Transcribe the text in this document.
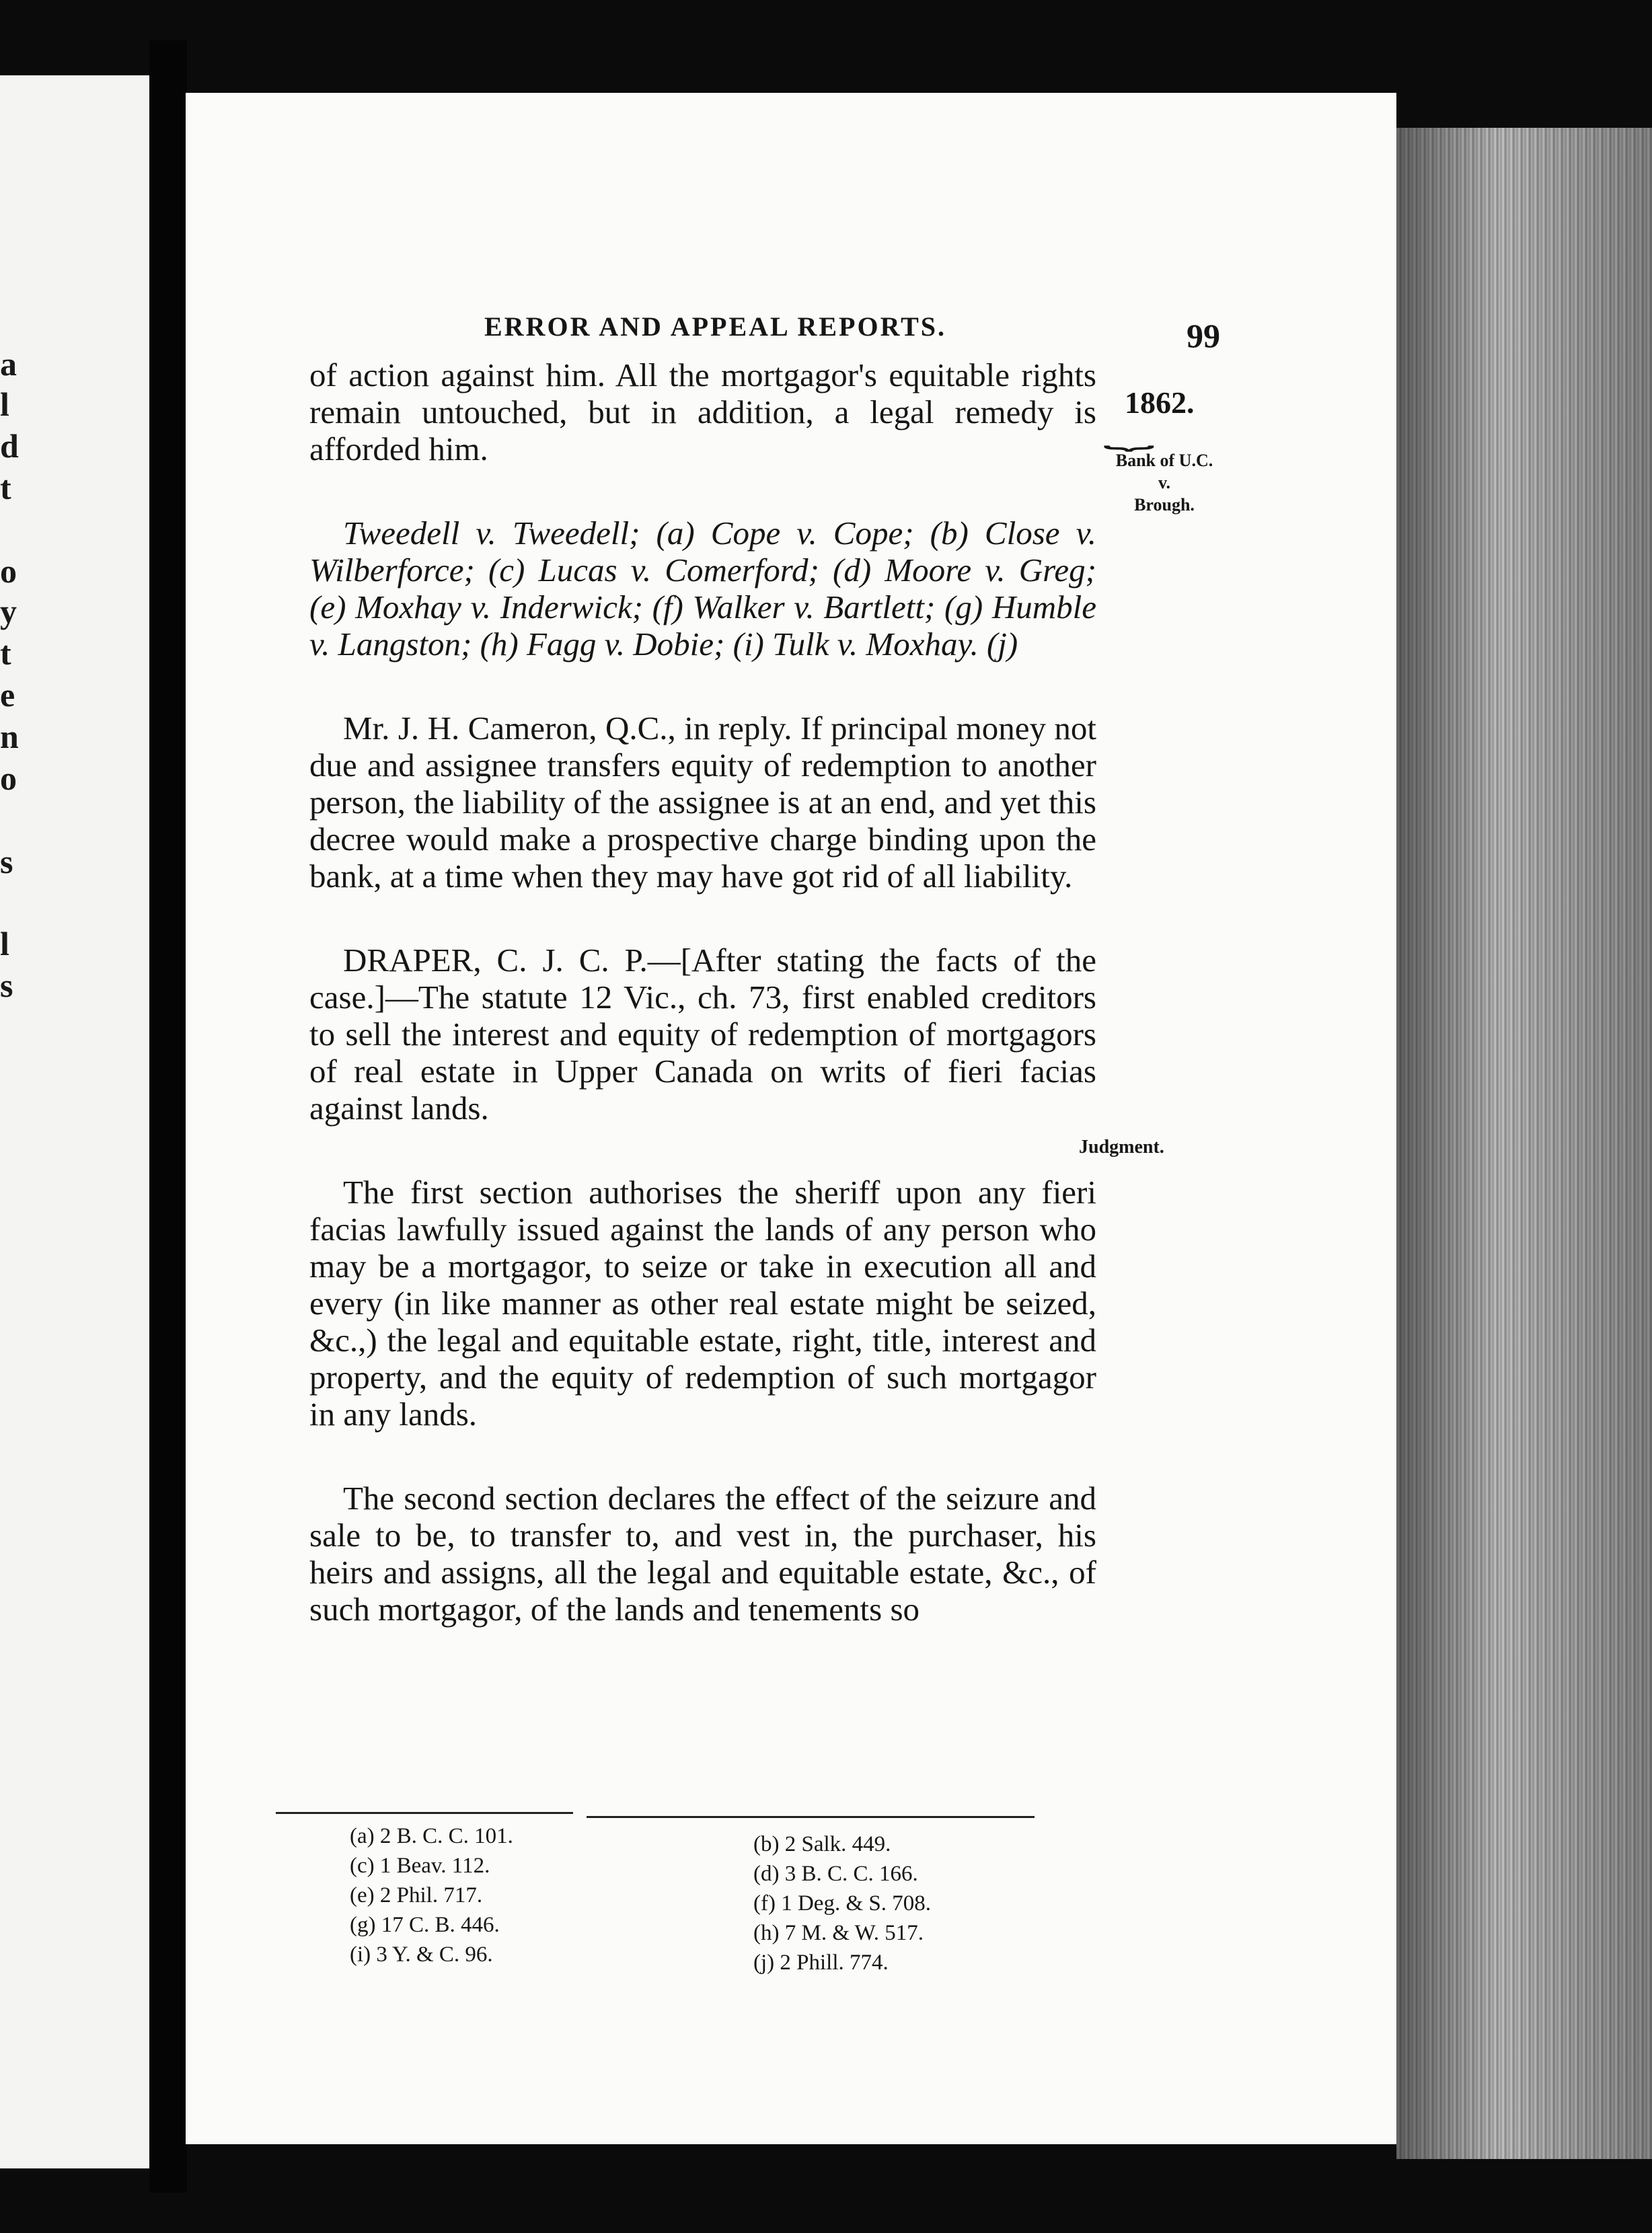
a
l
d
t
o
y
t
e
n
o
s
l
s
ERROR AND APPEAL REPORTS.	99
1862.
⏟
Bank of U.C.
v.
Brough.
Judgment.

of action against him. All the mortgagor's equitable rights remain untouched, but in addition, a legal remedy is afforded him.

Tweedell v. Tweedell; (a) Cope v. Cope; (b) Close v. Wilberforce; (c) Lucas v. Comerford; (d) Moore v. Greg; (e) Moxhay v. Inderwick; (f) Walker v. Bartlett; (g) Humble v. Langston; (h) Fagg v. Dobie; (i) Tulk v. Moxhay. (j)

Mr. J. H. Cameron, Q.C., in reply. If principal money not due and assignee transfers equity of redemption to another person, the liability of the assignee is at an end, and yet this decree would make a prospective charge binding upon the bank, at a time when they may have got rid of all liability.

DRAPER, C. J. C. P.—[After stating the facts of the case.]—The statute 12 Vic., ch. 73, first enabled creditors to sell the interest and equity of redemption of mortgagors of real estate in Upper Canada on writs of fieri facias against lands.

The first section authorises the sheriff upon any fieri facias lawfully issued against the lands of any person who may be a mortgagor, to seize or take in execution all and every (in like manner as other real estate might be seized, &c.,) the legal and equitable estate, right, title, interest and property, and the equity of redemption of such mortgagor in any lands.

The second section declares the effect of the seizure and sale to be, to transfer to, and vest in, the purchaser, his heirs and assigns, all the legal and equitable estate, &c., of such mortgagor, of the lands and tenements so

(a) 2 B. C. C. 101.
(c) 1 Beav. 112.
(e) 2 Phil. 717.
(g) 17 C. B. 446.
(i) 3 Y. & C. 96.
(b) 2 Salk. 449.
(d) 3 B. C. C. 166.
(f) 1 Deg. & S. 708.
(h) 7 M. & W. 517.
(j) 2 Phill. 774.
